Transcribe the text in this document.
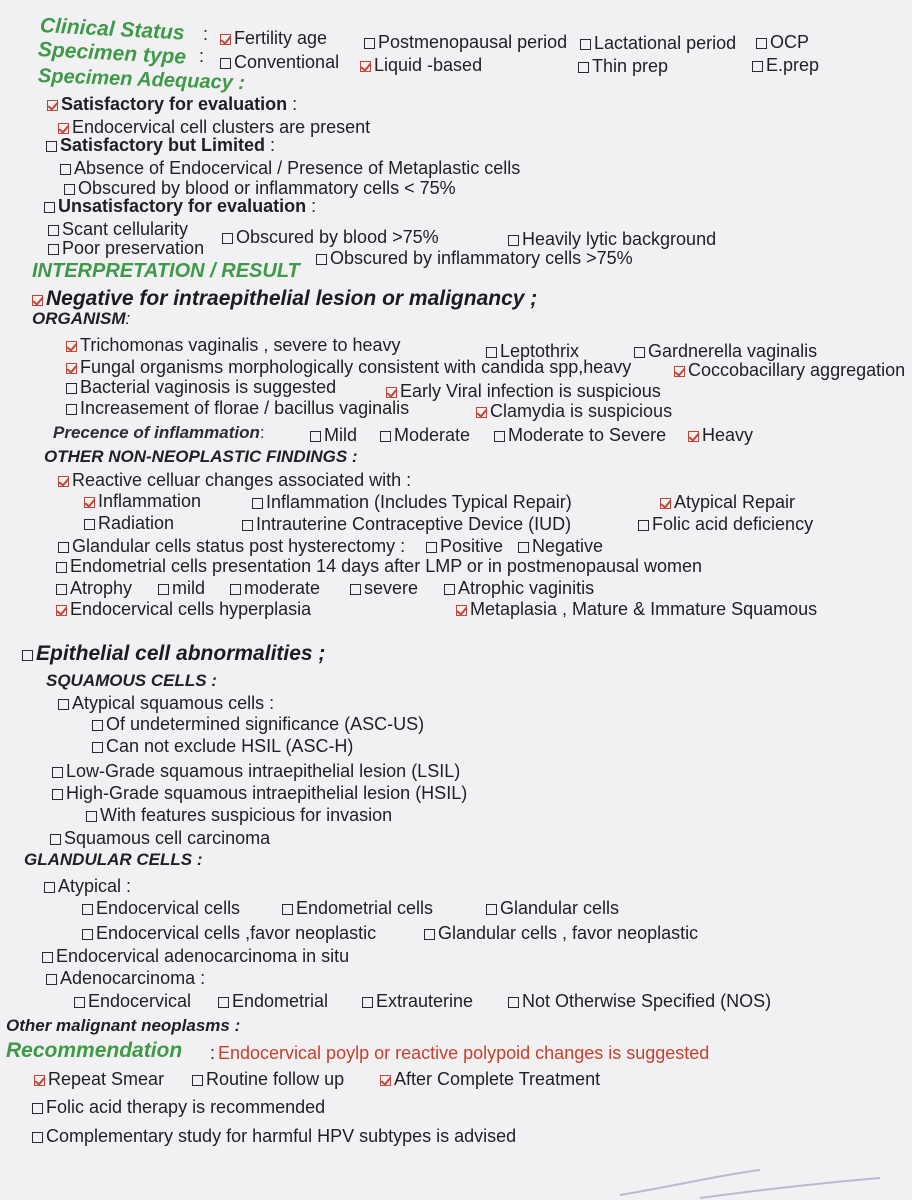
Clinical Status :	Fertility age	Postmenopausal period	Lactational period	OCP
Specimen type :	Conventional	Liquid -based	Thin prep	E.prep
Specimen Adequacy :
Satisfactory for evaluation :
Endocervical cell clusters are present
Satisfactory but Limited :
Absence of Endocervical / Presence of Metaplastic cells
Obscured by blood or inflammatory cells < 75%
Unsatisfactory for evaluation :
Scant cellularity	Obscured by blood >75%	Heavily lytic background
Poor preservation	Obscured by inflammatory cells >75%
INTERPRETATION / RESULT
Negative for intraepithelial lesion or malignancy ;
ORGANISM:
Trichomonas vaginalis , severe to heavy	Leptothrix	Gardnerella vaginalis
Fungal organisms morphologically consistent with candida spp,heavy	Coccobacillary aggregation
Bacterial vaginosis is suggested	Early Viral infection is suspicious
Increasement of florae / bacillus vaginalis	Clamydia is suspicious
Precence of inflammation:	Mild	Moderate	Moderate to Severe	Heavy
OTHER NON-NEOPLASTIC FINDINGS :
Reactive celluar changes associated with :
Inflammation	Inflammation (Includes Typical Repair)	Atypical Repair
Radiation	Intrauterine Contraceptive Device (IUD)	Folic acid deficiency
Glandular cells status post hysterectomy :	Positive	Negative
Endometrial cells presentation 14 days after LMP or in postmenopausal women
Atrophy	mild	moderate	severe	Atrophic vaginitis
Endocervical cells hyperplasia	Metaplasia , Mature & Immature Squamous
Epithelial cell abnormalities ;
SQUAMOUS CELLS :
Atypical squamous cells :
Of undetermined significance (ASC-US)
Can not exclude HSIL (ASC-H)
Low-Grade squamous intraepithelial lesion (LSIL)
High-Grade squamous intraepithelial lesion (HSIL)
With features suspicious for invasion
Squamous cell carcinoma
GLANDULAR CELLS :
Atypical :
Endocervical cells	Endometrial cells	Glandular cells
Endocervical cells ,favor neoplastic	Glandular cells , favor neoplastic
Endocervical adenocarcinoma in situ
Adenocarcinoma :
Endocervical	Endometrial	Extrauterine	Not Otherwise Specified (NOS)
Other malignant neoplasms :
Recommendation : Endocervical poylp or reactive polypoid changes is suggested
Repeat Smear	Routine follow up	After Complete Treatment
Folic acid therapy is recommended
Complementary study for harmful HPV subtypes is advised
